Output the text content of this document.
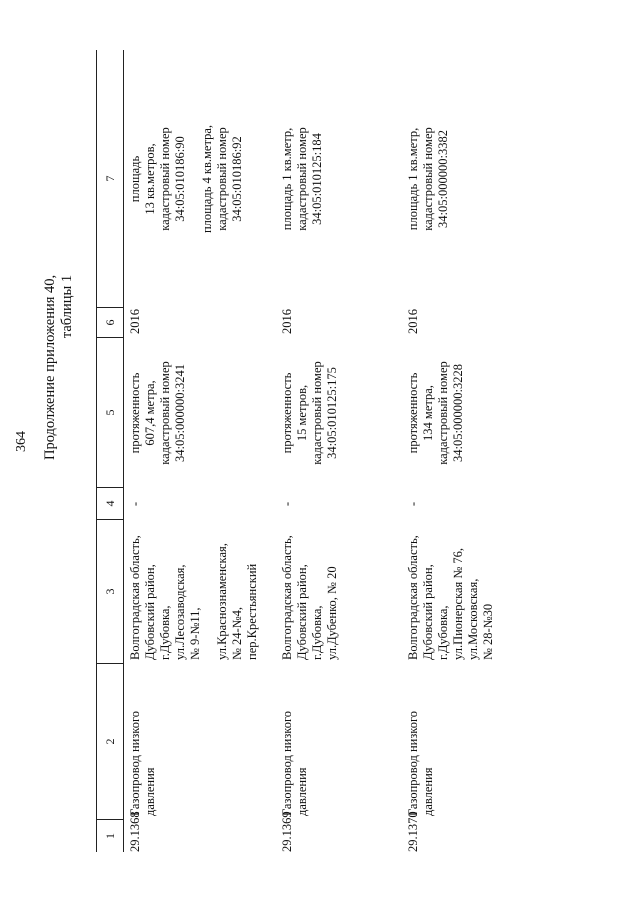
364 Продолжение приложения 40, таблицы 1
1
2
3
4
5
6
7
29.1368
Газопровод низкого давления
Волгоградская область, Дубовский район, г.Дубовка, ул.Лесозаводская, № 9-№11, ул.Краснознаменская, № 24-№4, пер.Крестьянский
-
протяженность 607,4 метра, кадастровый номер 34:05:000000:3241
2016
площадь 13 кв.метров, кадастровый номер 34:05:010186:90 площадь 4 кв.метра, кадастровый номер 34:05:010186:92
29.1369
Газопровод низкого давления
Волгоградская область, Дубовский район, г.Дубовка, ул.Дубенко, № 20
-
протяженность 15 метров, кадастровый номер 34:05:010125:175
2016
площадь 1 кв.метр, кадастровый номер 34:05:010125:184
29.1370
Газопровод низкого давления
Волгоградская область, Дубовский район, г.Дубовка, ул.Пионерская № 76, ул.Московская, № 28-№30
-
протяженность 134 метра, кадастровый номер 34:05:000000:3228
2016
площадь 1 кв.метр, кадастровый номер 34:05:000000:3382
